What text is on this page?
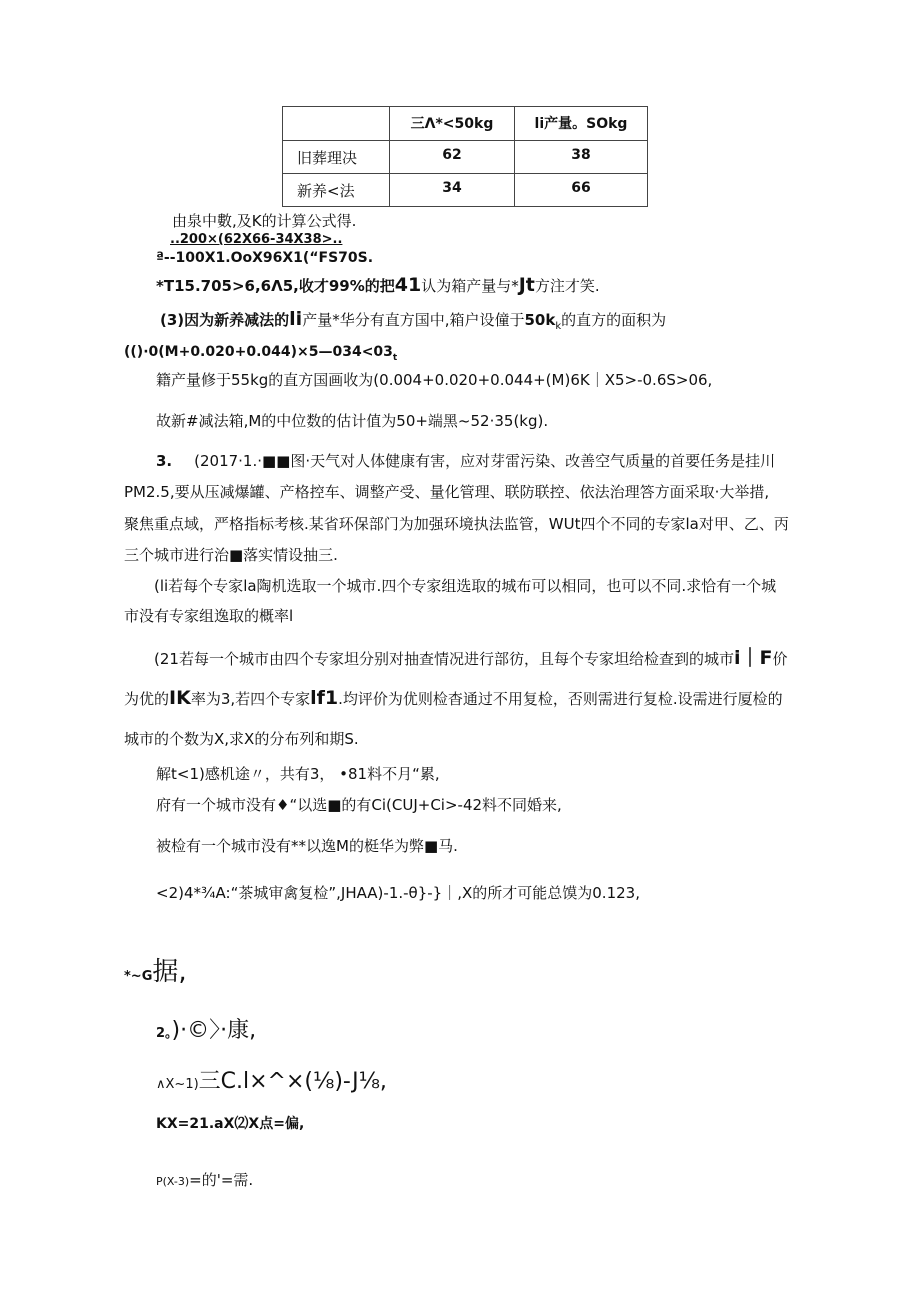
	三Λ*<50kg	li产量。SOkg
旧葬理决	62	38
新养<法	34	66
由泉中數,及K的计算公式得.
..200×(62X66-34X38>..
ª--100X1.OoX96X1(“FS70S.
*T15.705>6,6Λ5,收才99%的把41认为箱产量与*Jt方注才笑.
(3)因为新养减法的li产量*华分有直方国中,箱户设僮于$50k_k$的直方的面积为
($()\cdot 0(M+0.020+0.044)\times 5—034<03_t$
籍产量修于55kg的直方国画收为(0.004+0.020+0.044+(M)6K｜X5>-0.6S>06,
故新#减法箱,M的中位数的估计值为50+端黑~52·35(kg).
3. (2017·1.·■■图·天气对人体健康有害，应对芽雷污染、改善空气质量的首要任务是挂川
PM2.5,要从压减爆罐、产格控车、调整产受、量化管理、联防联控、依法治理答方面采取·大举措,
聚焦重点域，严格指标考核.某省环保部门为加强环境执法监管，WUt四个不同的专家la对甲、乙、丙
三个城市进行治■落实情设抽三.
(li若每个专家la陶机选取一个城市.四个专家组选取的城布可以相同，也可以不同.求恰有一个城
市没有专家组逸取的概率l
(21若每一个城市由四个专家坦分别对抽查情况进行部彷，且每个专家坦给检查到的城市i｜F价
为优的IK率为3,若四个专家lf1.均评价为优则检杳通过不用复检，否则需进行复检.设需进行厦检的
城市的个数为X,求X的分布列和期S.
解t<1)感机途〃，共有3， •81料不月“累,
府有一个城市没有♦“以选■的有Ci(CUJ+Ci>-42料不同婚来,
被检有一个城市没有**以逸M的梃华为弊■马.
<2)4*¾A:“茶城审禽复检”,JHAA)-1.-θ}-}｜,X的所才可能总馍为0.123,
*~G据,
2。)·©〉·康,
∧X~1)三C.l×^×(⅛)-J⅛,
KX=21.aX⑵X点=偏,
P(X-3)=的'=需.
